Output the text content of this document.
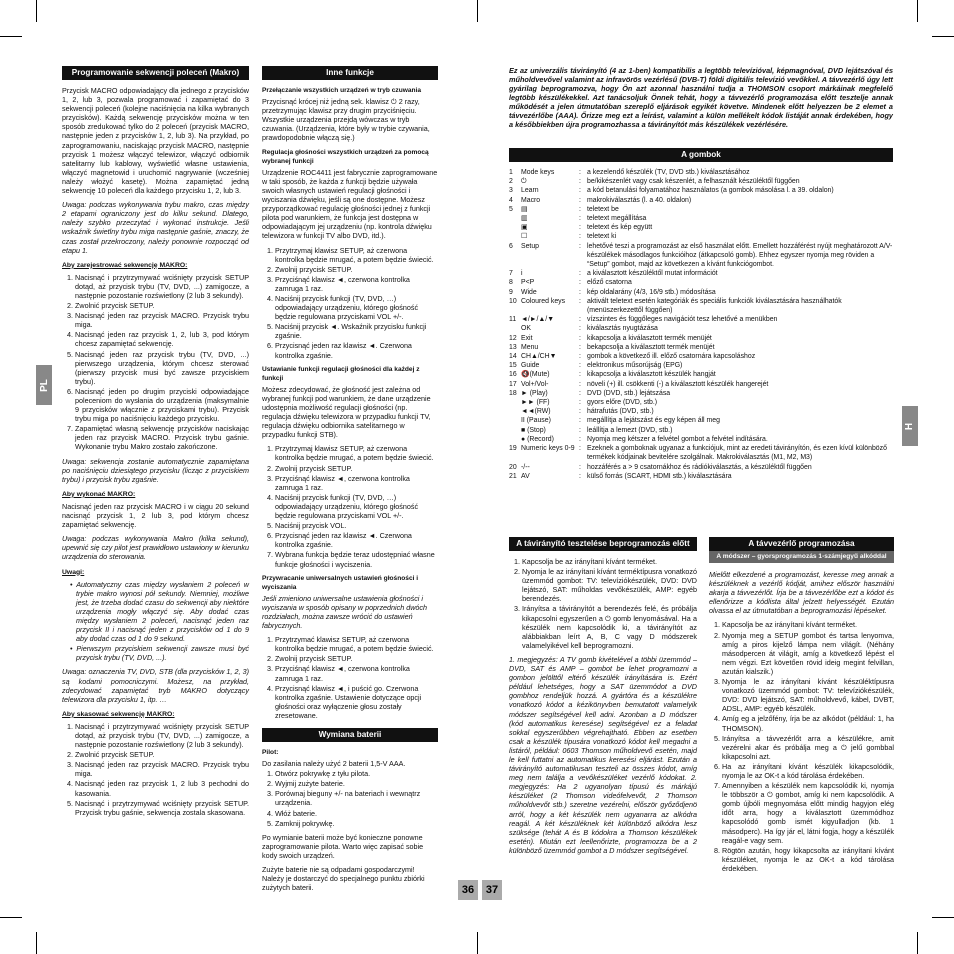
PL
H
36	37
Programowanie sekwencji poleceń (Makro)

Przycisk MACRO odpowiadający dla jednego z przycisków 1, 2, lub 3, pozwala programować i zapamiętać do 3 sekwencji poleceń (kolejne naciśnięcia na kilka wybranych przycisków). Każdą sekwencję przycisków można w ten sposób zredukować tylko do 2 poleceń (przycisk MACRO, następnie jeden z przycisków 1, 2, lub 3). Na przykład, po zaprogramowaniu, naciskając przycisk MACRO, następnie przycisk 1 możesz włączyć telewizor, włączyć odbiornik satelitarny lub kablowy, wyświetlić własne ustawienia, włączyć magnetowid i uruchomić nagrywanie (wcześniej należy włożyć kasetę). Można zapamiętać jedną sekwencję 10 poleceń dla każdego przycisku 1, 2, lub 3.

Uwaga: podczas wykonywania trybu makro, czas między 2 etapami ograniczony jest do kilku sekund. Dlatego, należy szybko przeczytać i wykonać instrukcje. Jeśli wskaźnik świetlny trybu miga następnie gaśnie, znaczy, że czas został przekroczony, należy ponownie rozpocząć od etapu 1.

Aby zarejestrować sekwencję MAKRO:
1. Nacisnąć i przytrzymywać wciśnięty przycisk SETUP dotąd, aż przycisk trybu (TV, DVD, ...) zamigocze, a następnie pozostanie rozświetlony (2 lub 3 sekundy).
2. Zwolnić przycisk SETUP.
3. Nacisnąć jeden raz przycisk MACRO. Przycisk trybu miga.
4. Nacisnąć jeden raz przycisk 1, 2, lub 3, pod którym chcesz zapamiętać sekwencję.
5. Nacisnąć jeden raz przycisk trybu (TV, DVD, ...) pierwszego urządzenia, którym chcesz sterować (pierwszy przycisk musi być zawsze przyciskiem trybu).
6. Nacisnąć jeden po drugim przyciski odpowiadające poleceniom do wysłania do urządzenia (maksymalnie 9 przycisków włącznie z przyciskami trybu). Przycisk trybu miga po naciśnięciu każdego przycisku.
7. Zapamiętać własną sekwencję przycisków naciskając jeden raz przycisk MACRO. Przycisk trybu gaśnie. Wykonanie trybu Makro zostało zakończone.

Uwaga: sekwencja zostanie automatycznie zapamiętana po naciśnięciu dziesiątego przycisku (licząc z przyciskiem trybu) i przycisk trybu zgaśnie.

Aby wykonać MAKRO:

Nacisnąć jeden raz przycisk MACRO i w ciągu 20 sekund nacisnąć przycisk 1, 2 lub 3, pod którym chcesz zapamiętać sekwencję.

Uwaga: podczas wykonywania Makro (kilka sekund), upewnić się czy pilot jest prawidłowo ustawiony w kierunku urządzenia do sterowania.

Uwagi:
• Automatyczny czas między wysłaniem 2 poleceń w trybie makro wynosi pół sekundy. Niemniej, możliwe jest, że trzeba dodać czasu do sekwencji aby niektóre urządzenia mogły włączyć się. Aby dodać czas między wysłaniem 2 poleceń, nacisnąć jeden raz przycisk II i nacisnąć jeden z przycisków od 1 do 9 aby dodać czas od 1 do 9 sekund.
• Pierwszym przyciskiem sekwencji zawsze musi być przycisk trybu (TV, DVD, ...).

Uwaga: oznaczenia TV, DVD, STB (dla przycisków 1, 2, 3) są kodami pomocniczymi. Możesz, na przykład, zdecydować zapamiętać tryb MAKRO dotyczący telewizora dla przycisku 1, itp. …

Aby skasować sekwencję MAKRO:
1. Nacisnąć i przytrzymywać wciśnięty przycisk SETUP dotąd, aż przycisk trybu (TV, DVD, ...) zamigocze, a następnie pozostanie rozświetlony (2 lub 3 sekundy).
2. Zwolnić przycisk SETUP.
3. Nacisnąć jeden raz przycisk MACRO. Przycisk trybu miga.
4. Nacisnąć jeden raz przycisk 1, 2 lub 3 pechodni do kasowania.
5. Nacisnąć i przytrzymywać wciśnięty przycisk SETUP. Przycisk trybu gaśnie, sekwencja zostala skasowana.
Inne funkcje
Przełączanie wszystkich urządzeń w tryb czuwania

Przycisnąć krócej niż jedną sek. klawisz ⏻ 2 razy, przetrzymując klawisz przy drugim przyciśnięciu. Wszystkie urządzenia przejdą wówczas w tryb czuwania. (Urządzenia, które były w trybie czywania, prawdopodobnie włączą się.)

Regulacja głośności wszystkich urządzeń za pomocą wybranej funkcji

Urządzenie ROC4411 jest fabrycznie zaprogramowane w taki sposób, że każda z funkcji będzie używała swoich własnych ustawień regulacji głośności i wyciszania dźwięku, jeśli są one dostępne. Możesz przyporządkować regulację głośności jednej z funkcji pilota pod warunkiem, że funkcja jest dostępna w odpowiadającym jej urządzeniu (np. kontrola dźwięku telewizora w funkcji TV albo DVD, itd.).

1. Przytrzymaj klawisz SETUP, aż czerwona kontrolka będzie mrugać, a potem będzie świecić.
2. Zwolnij przycisk SETUP.
3. Przyciśnąć klawisz ◄, czerwona kontrolka zamruga 1 raz.
4. Naciśnij przycisk funkcji (TV, DVD, …) odpowiadający urządzeniu, którego głośność będzie regulowana przyciskami VOL +/-.
5. Naciśnij przycisk ◄. Wskaźnik przycisku funkcji zgaśnie.
6. Przycisnąć jeden raz klawisz ◄. Czerwona kontrolka zgaśnie.
Ustawianie funkcji regulacji głośności dla każdej z funkcji

Możesz zdecydować, że głośność jest zależna od wybranej funkcji pod warunkiem, że dane urządzenie udostępnia możliwość regulacji głośności (np. regulacja dźwięku telewizora w przypadku funkcji TV, regulacja dźwięku odbiornika satelitarnego w przypadku funkcji STB).

1. Przytrzymaj klawisz SETUP, aż czerwona kontrolka będzie mrugać, a potem będzie świecić.
2. Zwolnij przycisk SETUP.
3. Przyciśnąć klawisz ◄, czerwona kontrolka zamruga 1 raz.
4. Naciśnij przycisk funkcji (TV, DVD, …) odpowiadający urządzeniu, którego głośność będzie regulowana przyciskami VOL +/-.
5. Naciśnij przycisk VOL.
6. Przycisnąć jeden raz klawisz ◄. Czerwona kontrolka zgaśnie.
7. Wybrana funkcja będzie teraz udostępniać własne funkcje głośności i wyciszenia.
Przywracanie uniwersalnych ustawień głośności i wyciszania

Jeśli zmieniono uniwersalne ustawienia głośności i wyciszania w sposób opisany w poprzednich dwóch rozdziałach, można zawsze wrócić do ustawień fabrycznych.

1. Przytrzymać klawisz SETUP, aż czerwona kontrolka będzie mrugać, a potem będzie świecić.
2. Zwolnij przycisk SETUP.
3. Przyciśnąć klawisz ◄, czerwona kontrolka zamruga 1 raz.
4. Przycisnąć klawisz ◄, i puścić go. Czerwona kontrolka zgaśnie. Ustawienie dotyczące opcji głośności oraz wyłączenie głosu zostały zresetowane.
Wymiana baterii
Pilot:

Do zasilania należy użyć 2 baterii 1,5-V AAA.

1. Otwórz pokrywkę z tyłu pilota.
2. Wyjmij zużyte baterie.
3. Porównaj bieguny +/- na bateriach i wewnątrz urządzenia.
4. Włóż baterie.
5. Zamknij pokrywkę.

Po wymianie baterii może być konieczne ponowne zaprogramowanie pilota. Warto więc zapisać sobie kody swoich urządzeń.

Zużyte baterie nie są odpadami gospodarczymi! Należy je dostarczyć do specjalnego punktu zbiórki zużytych baterii.

Ez az univerzális távirányító (4 az 1-ben) kompatibilis a legtöbb televízióval, képmagnóval, DVD lejátszóval és műholdvevővel valamint az infravörös vezérlésű (DVB-T) földi digitális televízió vevőkkel. A távvezérlő úgy lett gyárilag beprogramozva, hogy Ön azt azonnal használni tudja a THOMSON csoport márkáinak megfelelő legtöbb készülékekkel. Azt tanácsoljuk Önnek tehát, hogy a távvezérlő programozása előtt tesztelje annak működését a jelen útmutatóban szereplő eljárások egyikét követve. Mindenek előtt helyezzen be 2 elemet a távvezérlőbe (AAA). Őrizze meg ezt a leírást, valamint a külön mellékelt kódok listáját annak érdekében, hogy a későbbiekben újra programozhassa a távirányítót más készülékek vezérlésére.
A gombok
1	Mode keys	:	a kezelendő készülék (TV, DVD stb.) kiválasztásához
2	⏻	:	be/kikészenlét vagy csak készenlét, a felhasznált készüléktől függően
3	Learn	:	a kód betanulási folyamatához használatos (a gombok másolása l. a 39. oldalon)
4	Macro	:	makrokiválasztás (l. a 40. oldalon)
5	▤	:	teletext be
	▥	:	teletext megállítása
	▣	:	teletext és kép együtt
	☐	:	teletext ki
6	Setup	:	lehetővé teszi a programozást az első használat előtt. Emellett hozzáférést nyújt meghatározott A/V-készülékek másodlagos funkcióihoz (átkapcsoló gomb). Ehhez egyszer nyomja meg röviden a “Setup” gombot, majd az következen a kívánt funkciógombot.
7	i	:	a kiválasztott készüléktől mutat információt
8	P<P	:	előző csatorna
9	Wide	:	kép oldalarány (4/3, 16/9 stb.) módosítása
10	Coloured keys	:	aktivált teletext esetén kategóriák és speciális funkciók kiválasztására használhatók (menüszerkezettől függően)
11	◄/►/▲/▼	:	vízszintes és függőleges navigációt tesz lehetővé a menükben
	OK	:	kiválasztás nyugtázása
12	Exit	:	kikapcsolja a kiválasztott termék menüjét
13	Menu	:	bekapcsolja a kiválasztott termék menüjét
14	CH▲/CH▼	:	gombok a következő ill. előző csatornára kapcsoláshoz
15	Guide	:	elektronikus műsorújság (EPG)
16	🔇(Mute)	:	kikapcsolja a kiválasztott készülék hangját
17	Vol+/Vol-	:	növeli (+) ill. csökkenti (-) a kiválasztott készülék hangerejét
18	► (Play)	:	DVD (DVD, stb.) lejátszása
	►► (FF)	:	gyors előre (DVD, stb.)
	◄◄(RW)	:	hátrafutás (DVD, stb.)
	II (Pause)	:	megállítja a lejátszást és egy képen áll meg
	■ (Stop)	:	leállítja a lemezt (DVD, stb.)
	● (Record)	:	Nyomja meg kétszer a felvétel gombot a felvétel indítására.
19	Numeric keys 0-9	:	Ezeknek a gomboknak ugyanaz a funkciójuk, mint az eredeti távirányítón, és ezen kívül különböző termékek kódjainak bevitelére szolgálnak. Makrokiválasztás (M1, M2, M3)
20	-/--	:	hozzáférés a > 9 csatornákhoz és rádiókiválasztás, a készüléktől függően
21	AV	:	külső forrás (SCART, HDMI stb.) kiválasztására
A távirányító tesztelése beprogramozás előtt
1. Kapcsolja be az irányítani kívánt terméket.
2. Nyomja le az irányítani kívánt terméktípusra vonatkozó üzemmód gombot: TV: televíziókészülék, DVD: DVD lejátszó, SAT: műholdas vevőkészülék, AMP: egyéb berendezés.
3. Irányítsa a távirányítót a berendezés felé, és próbálja kikapcsolni egyszerűen a ⏻ gomb lenyomásával. Ha a készülék nem kapcsolódik ki, a távirányítót az alábbiakban leírt A, B, C vagy D módszerek valamelyikével kell beprogramozni.

1. megjegyzés: A TV gomb kivételével a többi üzemmód – DVD, SAT és AMP – gombot be lehet programozni a gombon jelölttől eltérő készülék irányítására is. Ezért például lehetséges, hogy a SAT üzemmódot a DVD gombhoz rendeljük hozzá. A gyártóra és a készülékre vonatkozó kódot a kézikönyvben bemutatott valamelyik módszer segítségével kell adni. Azonban a D módszer (kód automatikus keresése) segítségével ez a feladat sokkal egyszerűbben végrehajtható. Ebben az esetben csak a készülék típusára vonatkozó kódot kell megadni a listáról, például: 0603 Thomson műholdvevő esetén, majd le kell futtatni az automatikus keresési eljárást. Ezután a távirányító automatikusan teszteli az összes kódot, amíg meg nem találja a vevőkészüléket vezérlő kódokat. 2. megjegyzés: Ha 2 ugyanolyan típusú és márkájú készüléket (2 Thomson videófelvevőt, 2 Thomson műholdvevőt stb.) szeretne vezérelni, először győződjenö arról, hogy a két készülék nem ugyanarra az alkódra reagál. A két készüléknek két különböző alkódra lesz szüksége (tehát A és B kódokra a Thomson készülékek esetén). Miután ezt leellenőrizte, programozza be a 2 különböző üzemmód gombot a D módszer segítségével.

A távvezérlő programozása
A módszer – gyorsprogramozás 1-számjegyű alkóddal

Mielőtt elkezdené a programozást, keresse meg annak a készüléknek a vezérlő kódját, amihez először használni akarja a távvezérlőt. Írja be a távvezérlőbe ezt a kódot és ellenőrizze a kódlista által jelzett helyességét. Ezután olvassa el az útmutatóban a beprogramozási lépéseket.

1. Kapcsolja be az irányítani kívánt terméket.
2. Nyomja meg a SETUP gombot és tartsa lenyomva, amíg a piros kijelző lámpa nem világít. (Néhány másodpercen át világít, amíg a következő lépést el nem végzi. Ezt követően rövid ideig megint felvillan, azután kialszik.)
3. Nyomja le az irányítani kívánt készüléktípusra vonatkozó üzemmód gombot: TV: televíziókészülék, DVD: DVD lejátszó, SAT: műholdvevő, kábel, DVBT, ADSL, AMP: egyéb készülék.
4. Amíg eg a jelzőfény, írja be az alkódot (például: 1, ha THOMSON).
5. Irányítsa a távvezérlőt arra a készülékre, amit vezérelni akar és próbálja meg a ⏻ jelű gombbal kikapcsolni azt.
6. Ha az irányítani kívánt készülék kikapcsolódik, nyomja le az OK-t a kód tárolása érdekében.
7. Amennyiben a készülék nem kapcsolódik ki, nyomja le többször a ⏻ gombot, amíg ki nem kapcsolódik. A gomb újbóli megnyomása előtt mindig hagyjon elég időt arra, hogy a kiválasztott üzemmódhoz kapcsolódó gomb ismét kigyulladjon (kb. 1 másodperc). Ha így jár el, látni fogja, hogy a készülék reagál-e vagy sem.
8. Rögtön azután, hogy kikapcsolta az irányítani kívánt készüléket, nyomja le az OK-t a kód tárolása érdekében.
